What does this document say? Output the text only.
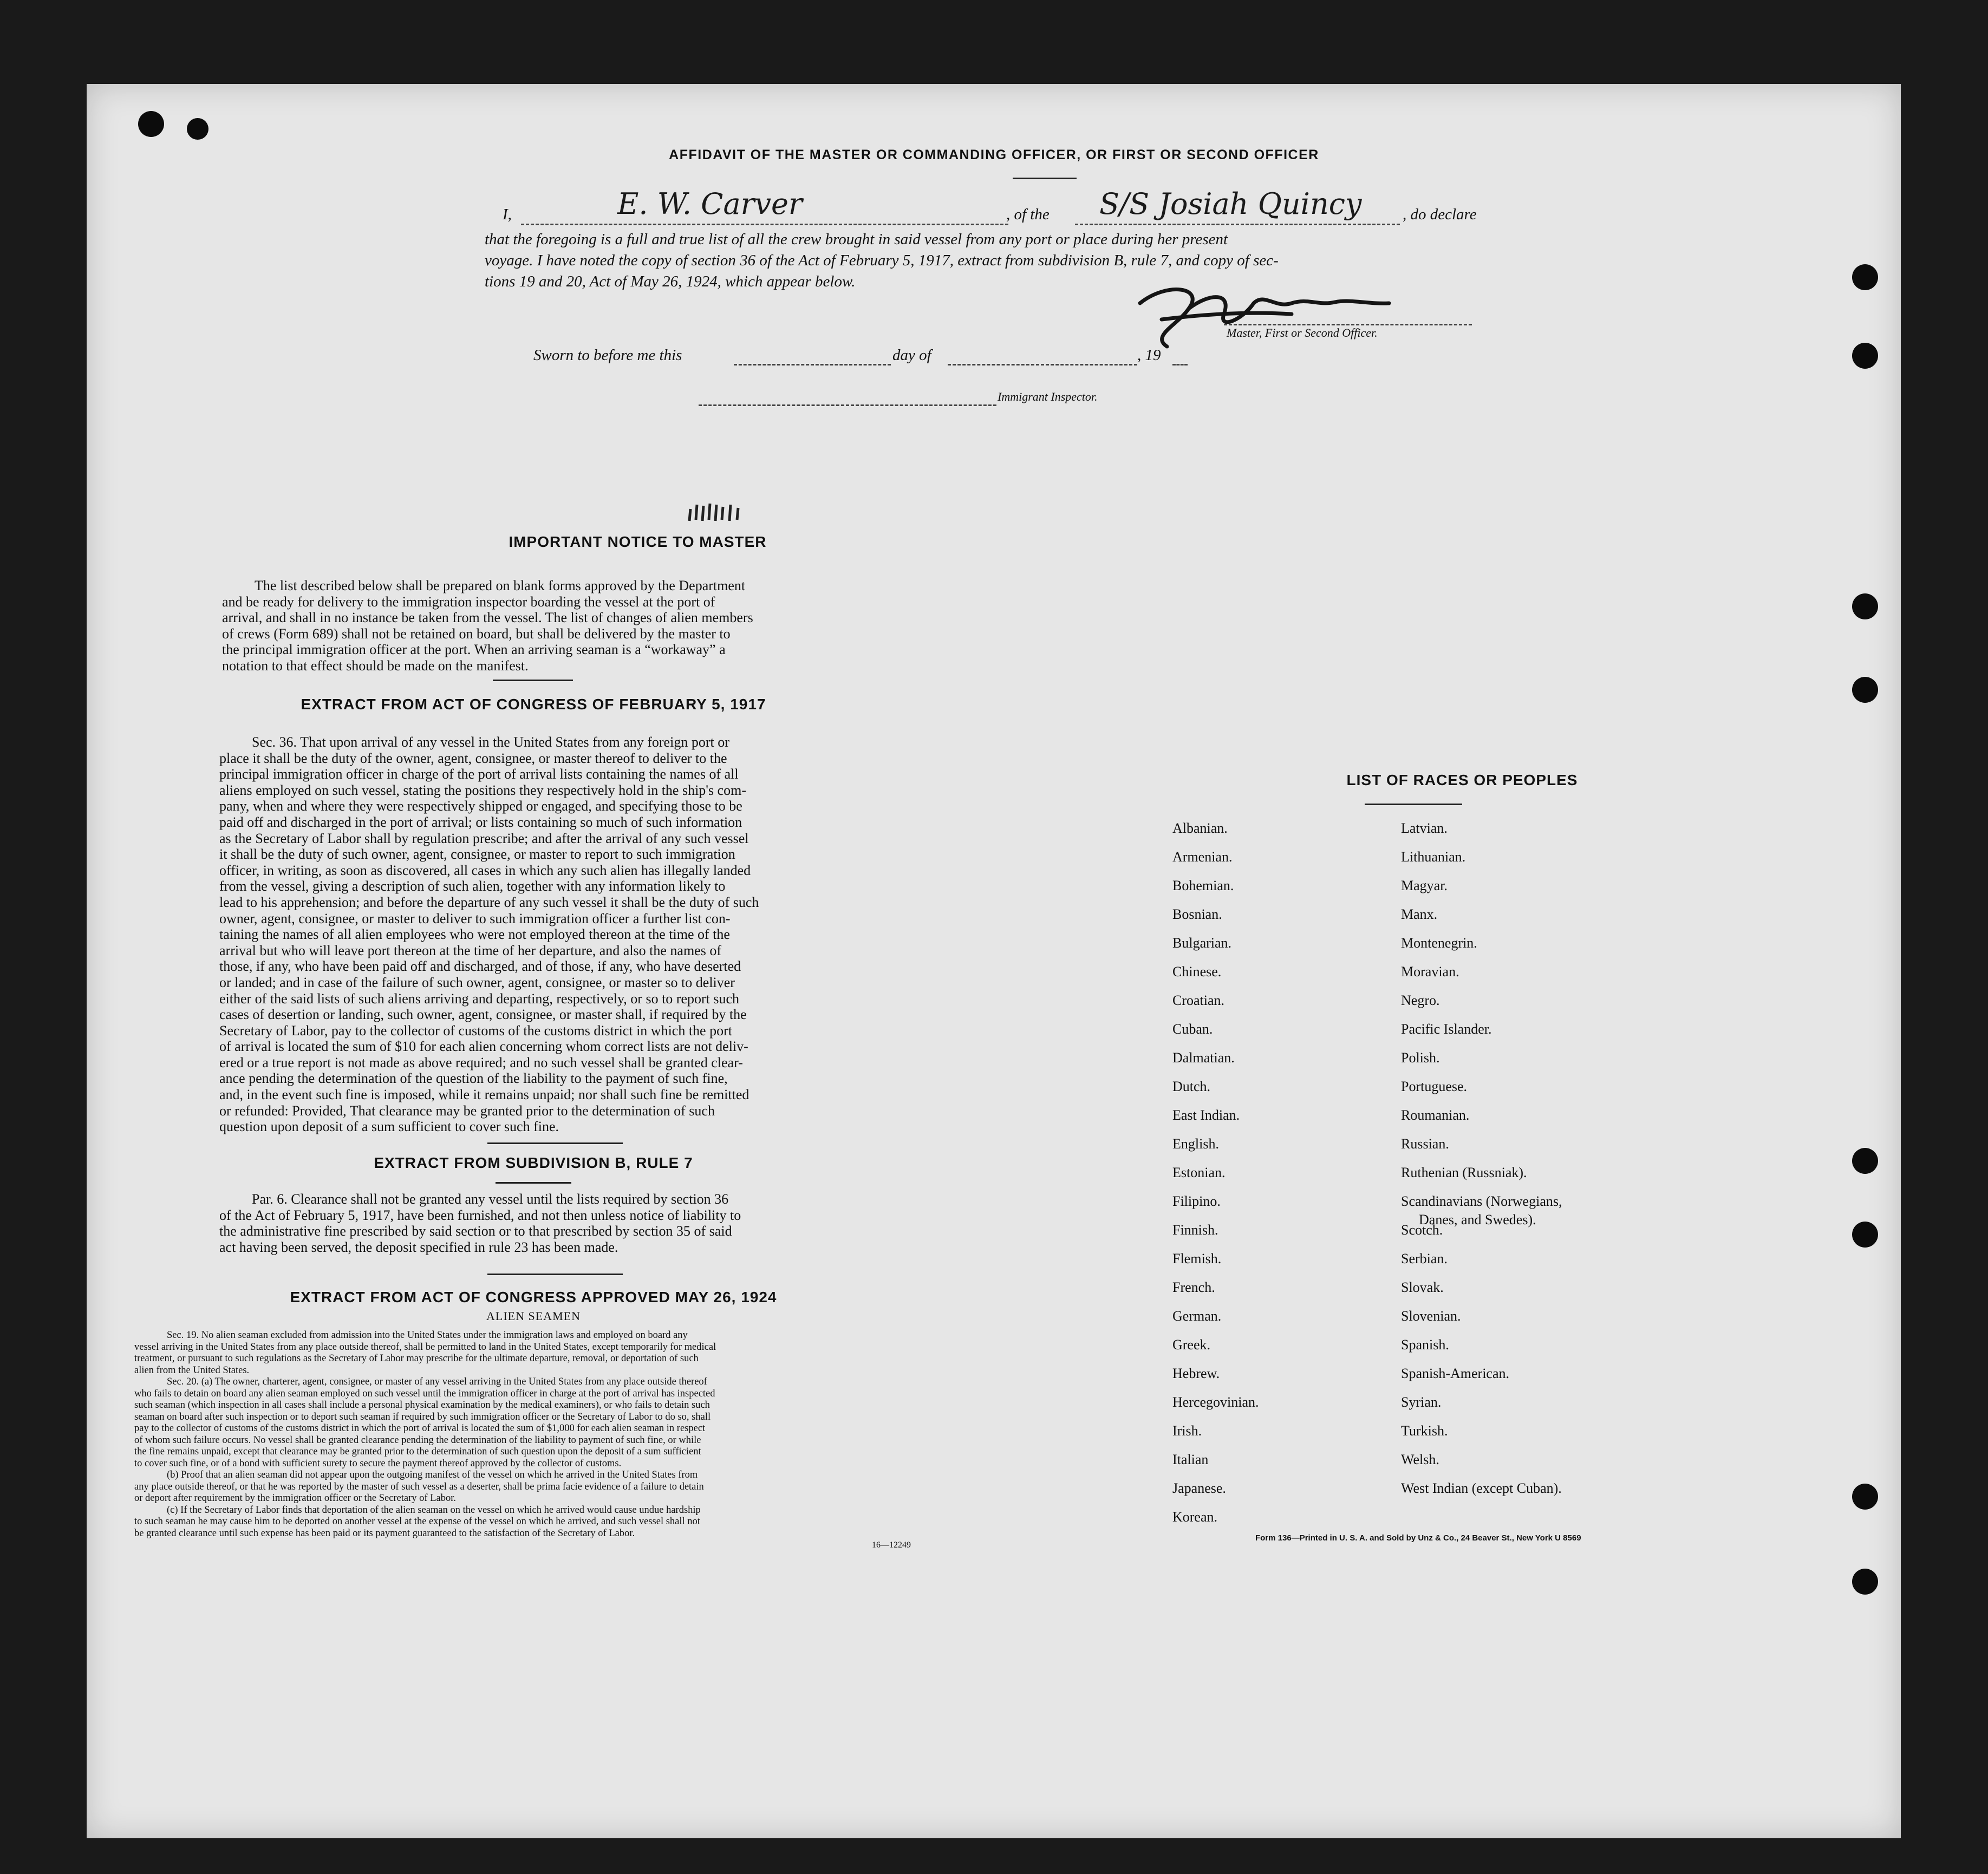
AFFIDAVIT OF THE MASTER OR COMMANDING OFFICER, OR FIRST OR SECOND OFFICER
I,	E. W. Carver	, of the S/S Josiah Quincy	, do declare
that the foregoing is a full and true list of all the crew brought in said vessel from any port or place during her present
voyage. I have noted the copy of section 36 of the Act of February 5, 1917, extract from subdivision B, rule 7, and copy of sec-
tions 19 and 20, Act of May 26, 1924, which appear below.
Master, First or Second Officer.
Sworn to before me this	day of	, 19
Immigrant Inspector.
IMPORTANT NOTICE TO MASTER
The list described below shall be prepared on blank forms approved by the Department
and be ready for delivery to the immigration inspector boarding the vessel at the port of
arrival, and shall in no instance be taken from the vessel. The list of changes of alien members
of crews (Form 689) shall not be retained on board, but shall be delivered by the master to
the principal immigration officer at the port. When an arriving seaman is a “workaway” a
notation to that effect should be made on the manifest.
EXTRACT FROM ACT OF CONGRESS OF FEBRUARY 5, 1917
Sec. 36. That upon arrival of any vessel in the United States from any foreign port or
place it shall be the duty of the owner, agent, consignee, or master thereof to deliver to the
principal immigration officer in charge of the port of arrival lists containing the names of all
aliens employed on such vessel, stating the positions they respectively hold in the ship's com-
pany, when and where they were respectively shipped or engaged, and specifying those to be
paid off and discharged in the port of arrival; or lists containing so much of such information
as the Secretary of Labor shall by regulation prescribe; and after the arrival of any such vessel
it shall be the duty of such owner, agent, consignee, or master to report to such immigration
officer, in writing, as soon as discovered, all cases in which any such alien has illegally landed
from the vessel, giving a description of such alien, together with any information likely to
lead to his apprehension; and before the departure of any such vessel it shall be the duty of such
owner, agent, consignee, or master to deliver to such immigration officer a further list con-
taining the names of all alien employees who were not employed thereon at the time of the
arrival but who will leave port thereon at the time of her departure, and also the names of
those, if any, who have been paid off and discharged, and of those, if any, who have deserted
or landed; and in case of the failure of such owner, agent, consignee, or master so to deliver
either of the said lists of such aliens arriving and departing, respectively, or so to report such
cases of desertion or landing, such owner, agent, consignee, or master shall, if required by the
Secretary of Labor, pay to the collector of customs of the customs district in which the port
of arrival is located the sum of $10 for each alien concerning whom correct lists are not deliv-
ered or a true report is not made as above required; and no such vessel shall be granted clear-
ance pending the determination of the question of the liability to the payment of such fine,
and, in the event such fine is imposed, while it remains unpaid; nor shall such fine be remitted
or refunded: Provided, That clearance may be granted prior to the determination of such
question upon deposit of a sum sufficient to cover such fine.
EXTRACT FROM SUBDIVISION B, RULE 7
Par. 6. Clearance shall not be granted any vessel until the lists required by section 36
of the Act of February 5, 1917, have been furnished, and not then unless notice of liability to
the administrative fine prescribed by said section or to that prescribed by section 35 of said
act having been served, the deposit specified in rule 23 has been made.
EXTRACT FROM ACT OF CONGRESS APPROVED MAY 26, 1924
ALIEN SEAMEN
Sec. 19. No alien seaman excluded from admission into the United States under the immigration laws and employed on board any
vessel arriving in the United States from any place outside thereof, shall be permitted to land in the United States, except temporarily for medical
treatment, or pursuant to such regulations as the Secretary of Labor may prescribe for the ultimate departure, removal, or deportation of such
alien from the United States.
Sec. 20. (a) The owner, charterer, agent, consignee, or master of any vessel arriving in the United States from any place outside thereof
who fails to detain on board any alien seaman employed on such vessel until the immigration officer in charge at the port of arrival has inspected
such seaman (which inspection in all cases shall include a personal physical examination by the medical examiners), or who fails to detain such
seaman on board after such inspection or to deport such seaman if required by such immigration officer or the Secretary of Labor to do so, shall
pay to the collector of customs of the customs district in which the port of arrival is located the sum of $1,000 for each alien seaman in respect
of whom such failure occurs. No vessel shall be granted clearance pending the determination of the liability to payment of such fine, or while
the fine remains unpaid, except that clearance may be granted prior to the determination of such question upon the deposit of a sum sufficient
to cover such fine, or of a bond with sufficient surety to secure the payment thereof approved by the collector of customs.
(b) Proof that an alien seaman did not appear upon the outgoing manifest of the vessel on which he arrived in the United States from
any place outside thereof, or that he was reported by the master of such vessel as a deserter, shall be prima facie evidence of a failure to detain
or deport after requirement by the immigration officer or the Secretary of Labor.
(c) If the Secretary of Labor finds that deportation of the alien seaman on the vessel on which he arrived would cause undue hardship
to such seaman he may cause him to be deported on another vessel at the expense of the vessel on which he arrived, and such vessel shall not
be granted clearance until such expense has been paid or its payment guaranteed to the satisfaction of the Secretary of Labor.
16—12249
LIST OF RACES OR PEOPLES
Albanian.
Armenian.
Bohemian.
Bosnian.
Bulgarian.
Chinese.
Croatian.
Cuban.
Dalmatian.
Dutch.
East Indian.
English.
Estonian.
Filipino.
Finnish.
Flemish.
French.
German.
Greek.
Hebrew.
Hercegovinian.
Irish.
Italian
Japanese.
Korean.
Latvian.
Lithuanian.
Magyar.
Manx.
Montenegrin.
Moravian.
Negro.
Pacific Islander.
Polish.
Portuguese.
Roumanian.
Russian.
Ruthenian (Russniak).
Scandinavians (Norwegians,
Danes, and Swedes).
Scotch.
Serbian.
Slovak.
Slovenian.
Spanish.
Spanish-American.
Syrian.
Turkish.
Welsh.
West Indian (except Cuban).
Form 136—Printed in U. S. A. and Sold by Unz & Co., 24 Beaver St., New York U 8569
